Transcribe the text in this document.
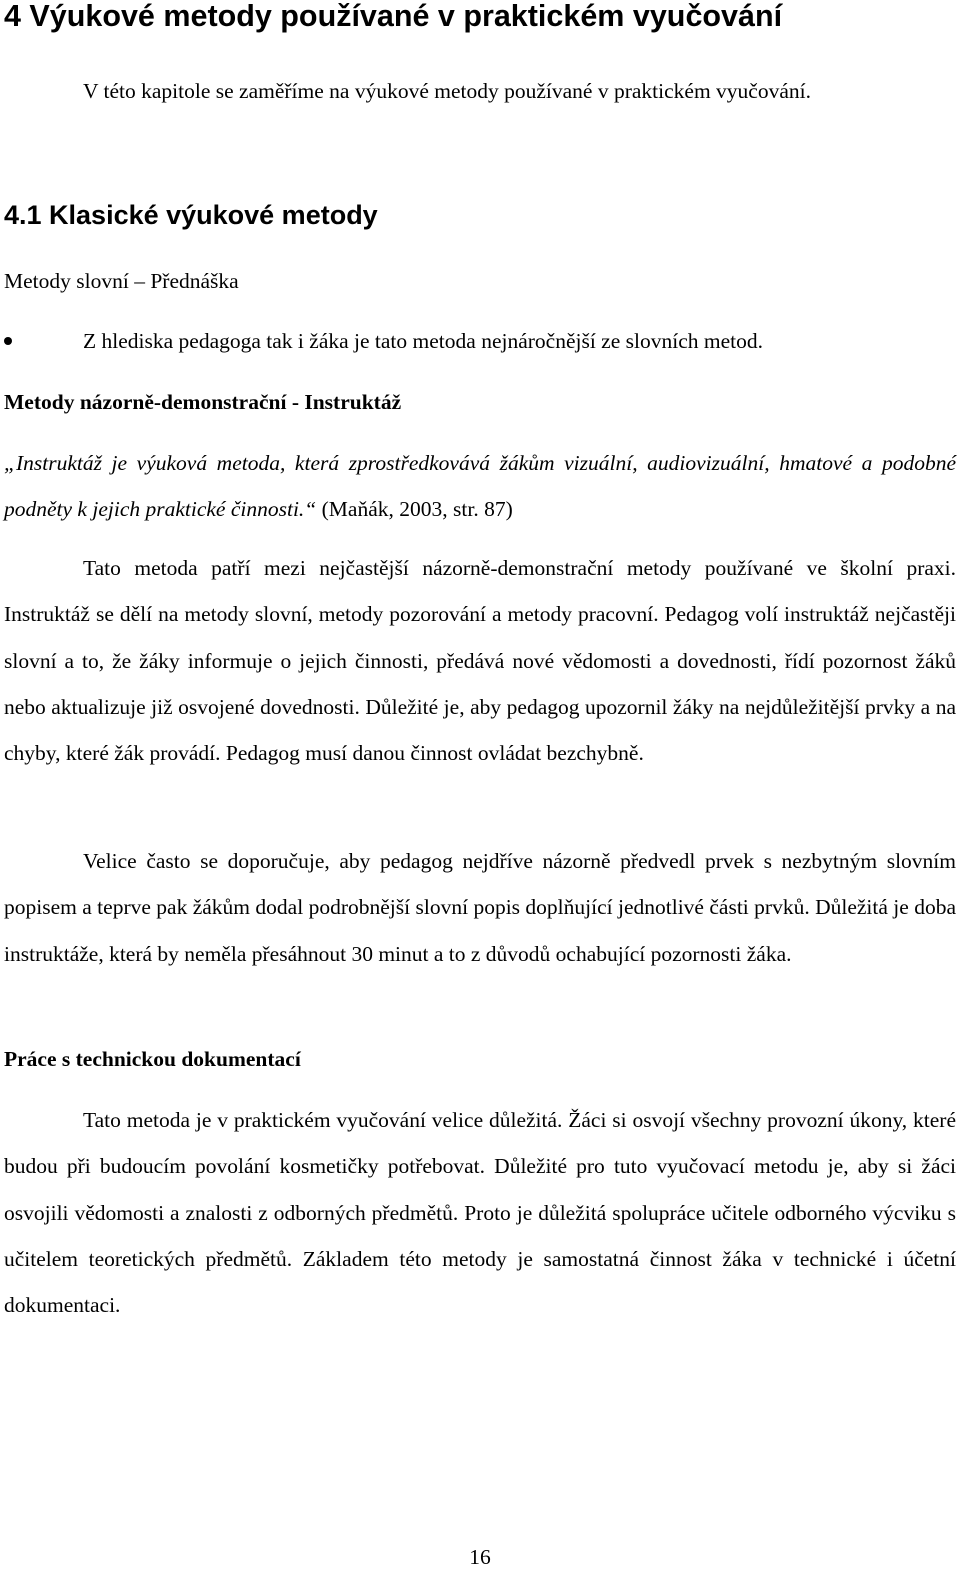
4 Výukové metody používané v praktickém vyučování

V této kapitole se zaměříme na výukové metody používané v praktickém vyučování.

4.1 Klasické výukové metody

Metody slovní – Přednáška

Z hlediska pedagoga tak i žáka je tato metoda nejnáročnější ze slovních metod.

Metody názorně-demonstrační - Instruktáž

„Instruktáž je výuková metoda, která zprostředkovává žákům vizuální, audiovizuální, hmatové a podobné podněty k jejich praktické činnosti.“ (Maňák, 2003, str. 87)

Tato metoda patří mezi nejčastější názorně-demonstrační metody používané ve školní praxi. Instruktáž se dělí na metody slovní, metody pozorování a metody pracovní. Pedagog volí instruktáž nejčastěji slovní a to, že žáky informuje o jejich činnosti, předává nové vědomosti a dovednosti, řídí pozornost žáků nebo aktualizuje již osvojené dovednosti. Důležité je, aby pedagog upozornil žáky na nejdůležitější prvky a na chyby, které žák provádí. Pedagog musí danou činnost ovládat bezchybně.

Velice často se doporučuje, aby pedagog nejdříve názorně předvedl prvek s nezbytným slovním popisem a teprve pak žákům dodal podrobnější slovní popis doplňující jednotlivé části prvků. Důležitá je doba instruktáže, která by neměla přesáhnout 30 minut a to z důvodů ochabující pozornosti žáka.

Práce s technickou dokumentací

Tato metoda je v praktickém vyučování velice důležitá. Žáci si osvojí všechny provozní úkony, které budou při budoucím povolání kosmetičky potřebovat. Důležité pro tuto vyučovací metodu je, aby si žáci osvojili vědomosti a znalosti z odborných předmětů. Proto je důležitá spolupráce učitele odborného výcviku s učitelem teoretických předmětů. Základem této metody je samostatná činnost žáka v technické i účetní dokumentaci.

16
